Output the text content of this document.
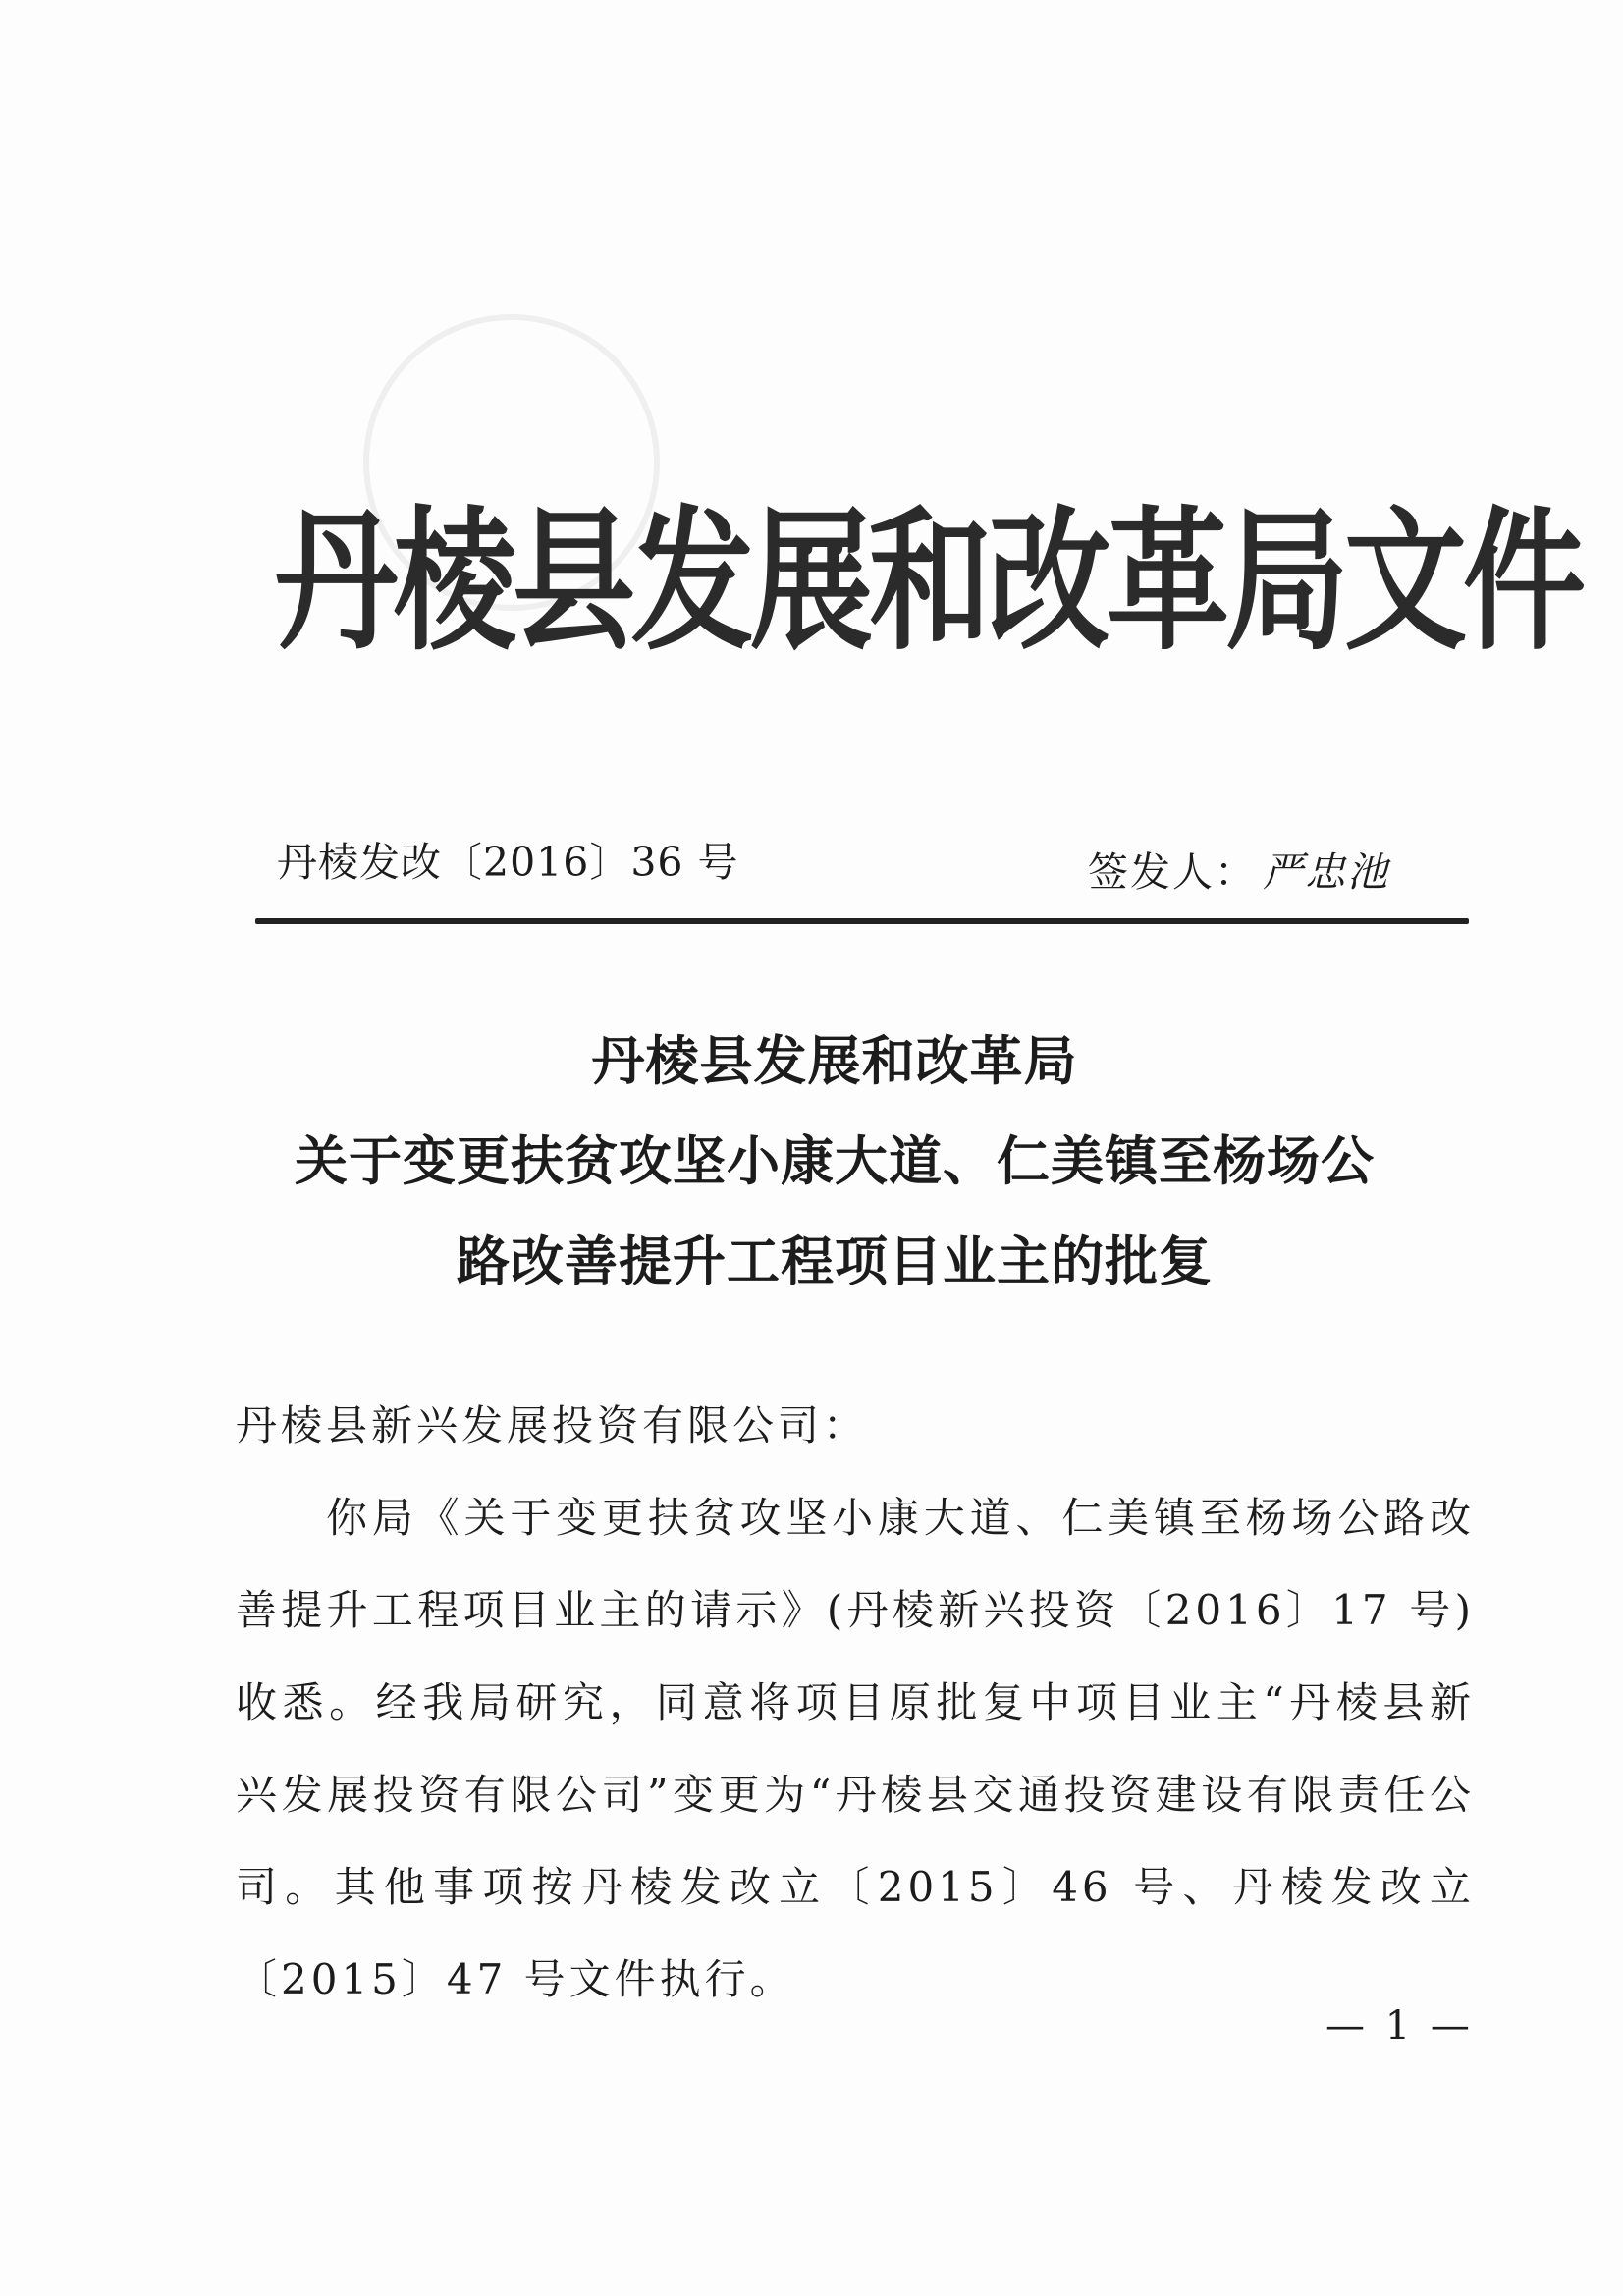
丹棱县发展和改革局文件
丹棱发改〔2016〕36 号	签发人： 严忠池
丹棱县发展和改革局
关于变更扶贫攻坚小康大道、仁美镇至杨场公
路改善提升工程项目业主的批复
丹棱县新兴发展投资有限公司：
你局《关于变更扶贫攻坚小康大道、仁美镇至杨场公路改善提升工程项目业主的请示》(丹棱新兴投资〔2016〕17 号)收悉。经我局研究，同意将项目原批复中项目业主“丹棱县新兴发展投资有限公司”变更为“丹棱县交通投资建设有限责任公司。其他事项按丹棱发改立〔2015〕46 号、丹棱发改立〔2015〕47 号文件执行。
— 1 —
